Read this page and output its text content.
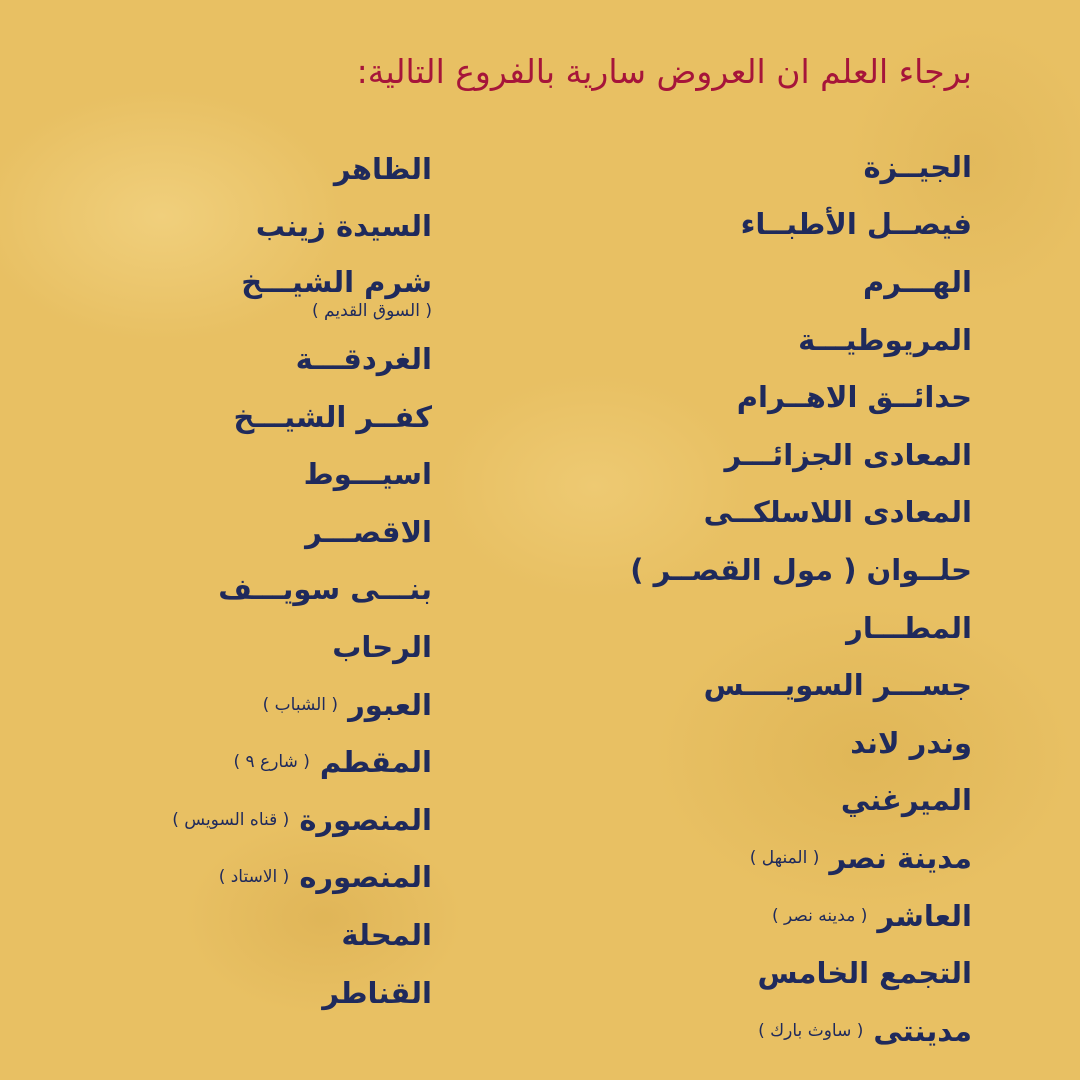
برجاء العلم ان العروض سارية بالفروع التالية:
الجيــزة
فيصــل الأطبــاء
الهـــرم
المريوطيـــة
حدائــق الاهــرام
المعادى الجزائـــر
المعادى اللاسلكــى
حلــوان ( مول القصــر )
المطـــار
جســـر السويــــس
وندر لاند
الميرغني
مدينة نصر
( المنهل )
العاشر
( مدينه نصر )
التجمع الخامس
مدينتى
( ساوث بارك )
الظاهر
السيدة زينب
شرم الشيـــخ
( السوق القديم )
الغردقـــة
كفــر الشيـــخ
اسيـــوط
الاقصـــر
بنـــى سويـــف
الرحاب
العبور
( الشباب )
المقطم
( شارع ٩ )
المنصورة
( قناه السويس )
المنصوره
( الاستاد )
المحلة
القناطر
